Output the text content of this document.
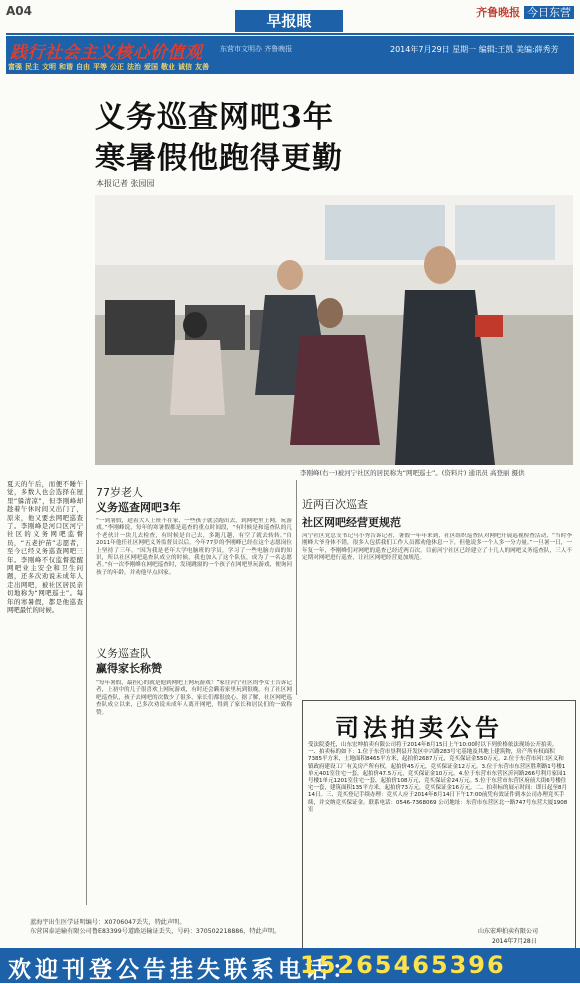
A04
早报眼	齐鲁晚报 今日东营
践行社会主义核心价值观	东营市文明办 齐鲁晚报	2014年7月29日 星期一 编辑:王凯 美编:薛秀芳
富强 民主 文明 和谐 自由 平等 公正 法治 爱国 敬业 诚信 友善
义务巡查网吧3年
寒暑假他跑得更勤
本报记者 张园园
李刚峰(右一)被河宁社区的居民称为“网吧巡士”。(资料片) 通讯员 高登丽 摄供
夏天的午后，而便不睡午觉，多数人也会选择在屋里“躲清凉”，但李刚峰却趁着午休时间又出门了，原来，他又要去网吧巡查了。李刚峰是河口区河宁社区的义务网吧监督员，“五老护苗”志愿者，至今已经义务巡查网吧三年。李刚峰不仅监督提醒网吧业主安全和卫生问题，还多次劝说未成年人走出网吧，被社区居民亲切地称为“网吧巡士”。每年的寒暑假，都是他巡查网吧最忙的时候。
77岁老人
义务巡查网吧3年
“一到暑假，趁着大人上班不在家，一些孩子就会跑出去，到网吧里上网，玩游戏。”李刚峰说，每年的寒暑假都是巡查的重点时间段，“有时候是和巡查队的几个老伙计一块儿去检查，有时候是自己去，多跑几趟，有空了就去转转。”自2011年他任社区网吧义务监督员以后，今年77岁的李刚峰已经在这个志愿岗位上坚持了三年。“因为我是老年大学电脑班的学员，学习了一些电脑方面的知识，所以社区网吧巡查队成立的时候，我也加入了这个队伍，成为了一名志愿者。”有一次李刚峰在网吧巡查时，发现跳窗的一个孩子在网吧里玩游戏，便询问孩子的年龄，并劝他早点回家。
义务巡查队
赢得家长称赞
“每年暑假，最担心的就是他到网吧上网玩游戏！”家住河宁社区的李女士告诉记者，上初中的儿子很喜欢上网玩游戏，有时还会瞒着家里玩到很晚。有了社区网吧巡查队，孩子去网吧的次数少了很多，家长们都很放心。据了解，社区网吧巡查队成立以来，已多次劝说未成年人离开网吧，得到了家长和居民们的一致称赞。
近两百次巡查
社区网吧经营更规范
河宁社区党总支书记马小秀告诉记者，暑假一年年来到，社区组织巡查队对网吧开展巡视检查活动，“当时李刚峰大爷身体不错，很多人包括我们工作人员都劝他休息一下，但他说多一个人多一分力量。”一旦暑一日，一年复一年，李刚峰们对网吧的巡查已经近两百次。目前河宁社区已经建立了十几人的网吧义务巡查队，三人不定期对网吧进行巡查，让社区网吧经营更加规范。
司法拍卖公告
受法院委托，山东宏坤拍卖有限公司将于2014年8月15日上午10:00时以下列价格依法现场公开拍卖。一、拍卖标的如下：1.位于东营市垦利县开发区中兴路283号宅基地及其地上建筑物，房产所有权面积7385平方米，土地面积8465平方米，起拍价2687万元，竞买保证金550万元。2.位于东营市河口区义和镇政府建设工厂有关房产所有权，起拍价45万元，竞买保证金12万元。3.位于东营市东营区胜利路1号楼1单元401室住宅一套，起拍价47.5万元，竞买保证金10万元。4.位于东营市东营区沂河路266号利月家园1号楼1单元1201室住宅一套，起拍价108万元，竞买保证金24万元。5.位于东营市东营区府前大街6号楼住宅一套，建筑面积135平方米，起拍价73万元，竞买保证金16万元。二、拍卖标的展示时间：即日起至8月14日。三、竞买登记手续办理：竞买人应于2014年8月14日下午17:00前凭有效证件到本公司办理竞买手续，并交纳竞买保证金。联系电话：0546-7368069 公司地址：东营市东营区北一路747号东营大厦1908室
山东宏坤拍卖有限公司
2014年7月28日
蓝海宇出生医学证明编号：X0706047丢失，特此声明。
东营国泰运输有限公司鲁E83399号道路运输证丢失，号码：370502218886，特此声明。
欢迎刊登公告挂失联系电话：
15265465396
